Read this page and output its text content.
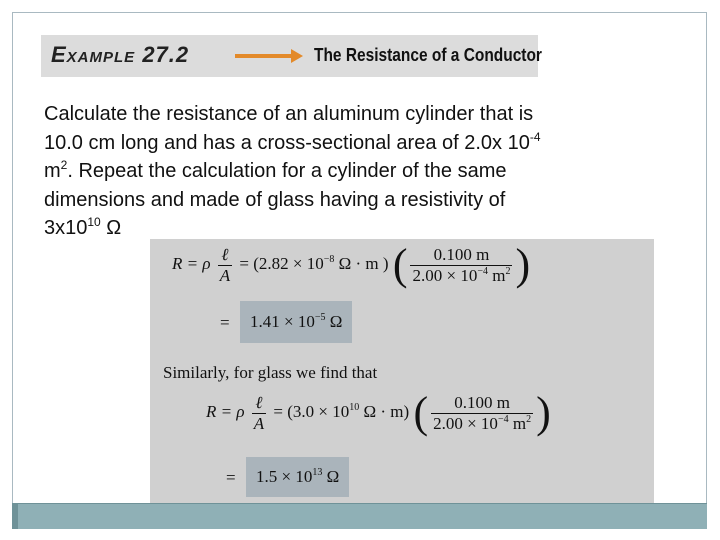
Example 27.2	The Resistance of a Conductor
Calculate the resistance of an aluminum cylinder that is
10.0 cm long and has a cross-sectional area of 2.0x $10^{-4}$
$m^2$. Repeat the calculation for a cylinder of the same
dimensions and made of glass having a resistivity of
$3x10^{10}$ Ω
R = ρ $\frac{\text{ℓ}}{A} = (2.82 \times 10^{-8}$ Ω · m ) ( $\frac{0.100 m}{2.00 \times 10^{-4} m^2}$ )
=	$1.41 \times 10^{-5}$ Ω
Similarly, for glass we find that
R = ρ $\frac{\text{ℓ}}{A} = (3.0 \times 10^{10}$ Ω · m) ( $\frac{0.100 m}{2.00 \times 10^{-4} m^2}$ )
=	$1.5 \times 10^{13}$ Ω
